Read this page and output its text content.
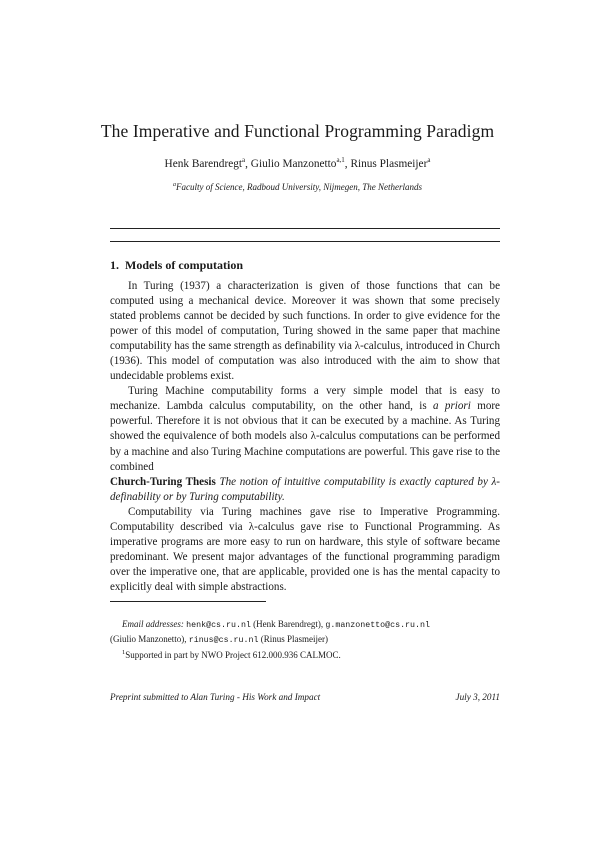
The Imperative and Functional Programming Paradigm
Henk Barendregt$^a$, Giulio Manzonetto$^{a,1}$, Rinus Plasmeijer$^a$
$^a$Faculty of Science, Radboud University, Nijmegen, The Netherlands
1. Models of computation

In Turing (1937) a characterization is given of those functions that can be computed using a mechanical device. Moreover it was shown that some precisely stated problems cannot be decided by such functions. In order to give evidence for the power of this model of computation, Turing showed in the same paper that machine computability has the same strength as definability via λ-calculus, introduced in Church (1936). This model of computation was also introduced with the aim to show that undecidable problems exist.

Turing Machine computability forms a very simple model that is easy to mechanize. Lambda calculus computability, on the other hand, is a priori more powerful. Therefore it is not obvious that it can be executed by a machine. As Turing showed the equivalence of both models also λ-calculus computations can be performed by a machine and also Turing Machine computations are powerful. This gave rise to the combined

Church-Turing Thesis The notion of intuitive computability is exactly captured by λ-definability or by Turing computability.

Computability via Turing machines gave rise to Imperative Programming. Computability described via λ-calculus gave rise to Functional Programming. As imperative programs are more easy to run on hardware, this style of software became predominant. We present major advantages of the functional programming paradigm over the imperative one, that are applicable, provided one is has the mental capacity to explicitly deal with simple abstractions.

Email addresses: henk@cs.ru.nl (Henk Barendregt), g.manzonetto@cs.ru.nl

(Giulio Manzonetto), rinus@cs.ru.nl (Rinus Plasmeijer)

$^1$Supported in part by NWO Project 612.000.936 CALMOC.

Preprint submitted to Alan Turing - His Work and Impact	July 3, 2011
